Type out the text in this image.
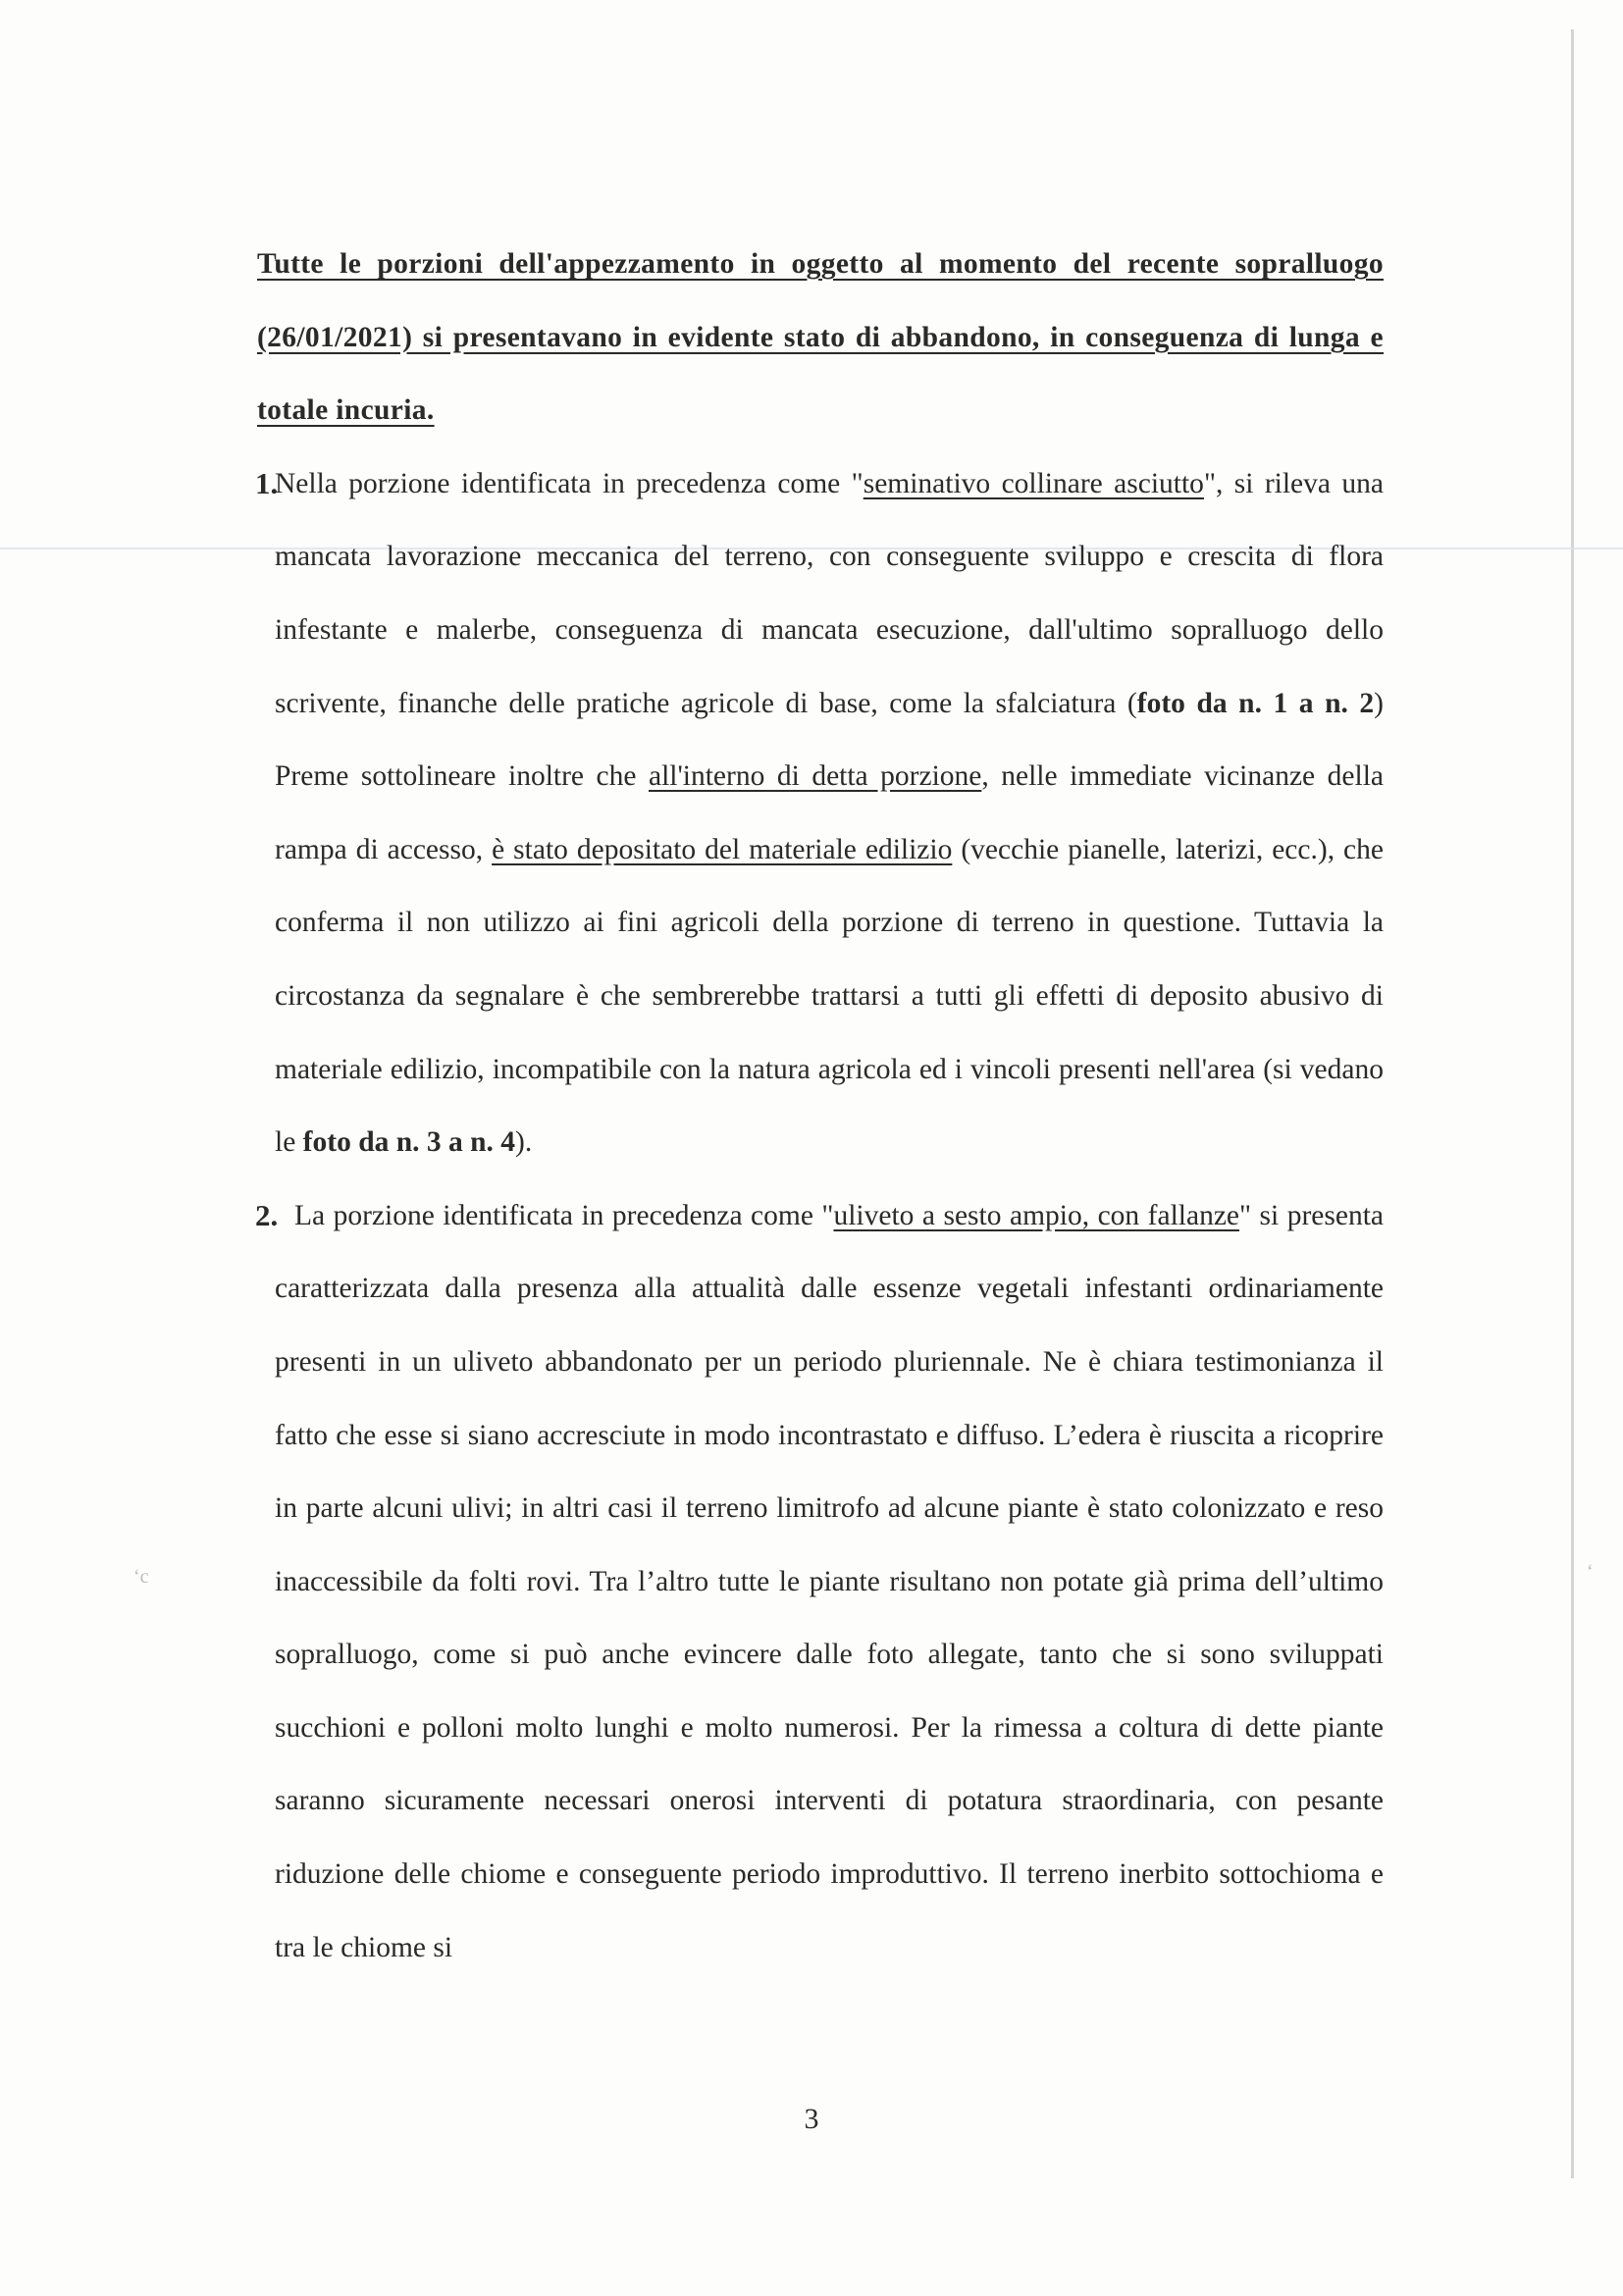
ʻc	ʻ

Tutte le porzioni dell'appezzamento in oggetto al momento del recente sopralluogo (26/01/2021) si presentavano in evidente stato di abbandono, in conseguenza di lunga e totale incuria.

1.
Nella porzione identificata in precedenza come "seminativo collinare asciutto", si rileva una mancata lavorazione meccanica del terreno, con conseguente sviluppo e crescita di flora infestante e malerbe, conseguenza di mancata esecuzione, dall'ultimo sopralluogo dello scrivente, finanche delle pratiche agricole di base, come la sfalciatura (foto da n. 1 a n. 2) Preme sottolineare inoltre che all'interno di detta porzione, nelle immediate vicinanze della rampa di accesso, è stato depositato del materiale edilizio (vecchie pianelle, laterizi, ecc.), che conferma il non utilizzo ai fini agricoli della porzione di terreno in questione. Tuttavia la circostanza da segnalare è che sembrerebbe trattarsi a tutti gli effetti di deposito abusivo di materiale edilizio, incompatibile con la natura agricola ed i vincoli presenti nell'area (si vedano le foto da n. 3 a n. 4).
2. La porzione identificata in precedenza come "uliveto a sesto ampio, con fallanze" si presenta caratterizzata dalla presenza alla attualità dalle essenze vegetali infestanti ordinariamente presenti in un uliveto abbandonato per un periodo pluriennale. Ne è chiara testimonianza il fatto che esse si siano accresciute in modo incontrastato e diffuso. L’edera è riuscita a ricoprire in parte alcuni ulivi; in altri casi il terreno limitrofo ad alcune piante è stato colonizzato e reso inaccessibile da folti rovi. Tra l’altro tutte le piante risultano non potate già prima dell’ultimo sopralluogo, come si può anche evincere dalle foto allegate, tanto che si sono sviluppati succhioni e polloni molto lunghi e molto numerosi. Per la rimessa a coltura di dette piante saranno sicuramente necessari onerosi interventi di potatura straordinaria, con pesante riduzione delle chiome e conseguente periodo improduttivo. Il terreno inerbito sottochioma e tra le chiome si
3
